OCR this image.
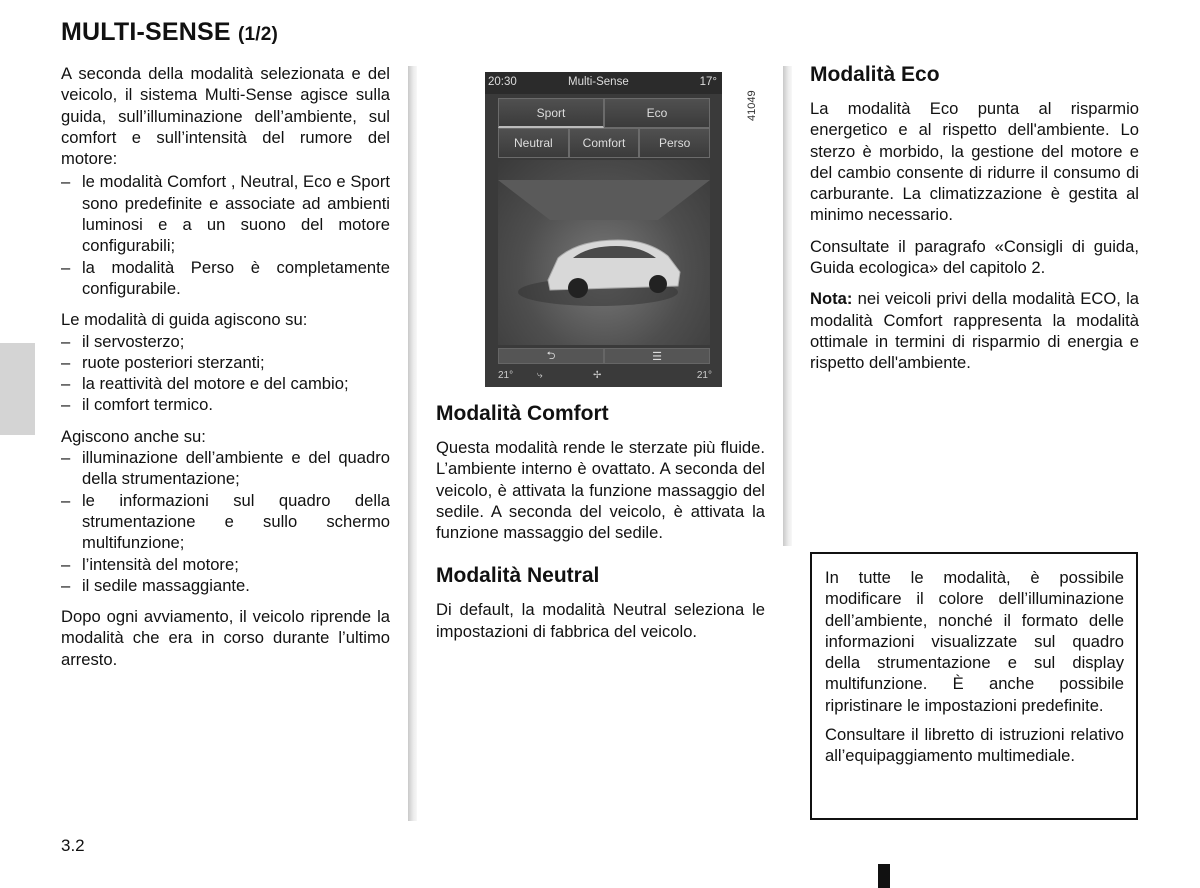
MULTI-SENSE (1/2)

A seconda della modalità selezionata e del veicolo, il sistema Multi-Sense agisce sulla guida, sull’illuminazione dell’ambiente, sul comfort e sull’intensità del rumore del motore:

– le modalità Comfort , Neutral, Eco e Sport sono predefinite e associate ad ambienti luminosi e a un suono del motore configurabili;
– la modalità Perso è completamente configurabile.

Le modalità di guida agiscono su:

– il servosterzo;
– ruote posteriori sterzanti;
– la reattività del motore e del cambio;
– il comfort termico.

Agiscono anche su:

– illuminazione dell’ambiente e del quadro della strumentazione;
– le informazioni sul quadro della strumentazione e sullo schermo multifunzione;
– l’intensità del motore;
– il sedile massaggiante.

Dopo ogni avviamento, il veicolo riprende la modalità che era in corso durante l’ultimo arresto.

20:30	Multi-Sense	17°
Sport	Eco
Neutral	Comfort	Perso
⮌	☰
21° ⤷	✢	21°
41049
Modalità Comfort

Questa modalità rende le sterzate più fluide. L’ambiente interno è ovattato. A seconda del veicolo, è attivata la funzione massaggio del sedile. A seconda del veicolo, è attivata la funzione massaggio del sedile.

Modalità Neutral

Di default, la modalità Neutral seleziona le impostazioni di fabbrica del veicolo.

Modalità Eco

La modalità Eco punta al risparmio energetico e al rispetto dell'ambiente. Lo sterzo è morbido, la gestione del motore e del cambio consente di ridurre il consumo di carburante. La climatizzazione è gestita al minimo necessario.

Consultate il paragrafo «Consigli di guida, Guida ecologica» del capitolo 2.

Nota: nei veicoli privi della modalità ECO, la modalità Comfort rappresenta la modalità ottimale in termini di risparmio di energia e rispetto dell'ambiente.

In tutte le modalità, è possibile modificare il colore dell’illuminazione dell’ambiente, nonché il formato delle informazioni visualizzate sul quadro della strumentazione e sul display multifunzione. È anche possibile ripristinare le impostazioni predefinite.

Consultare il libretto di istruzioni relativo all’equipaggiamento multimediale.

3.2
